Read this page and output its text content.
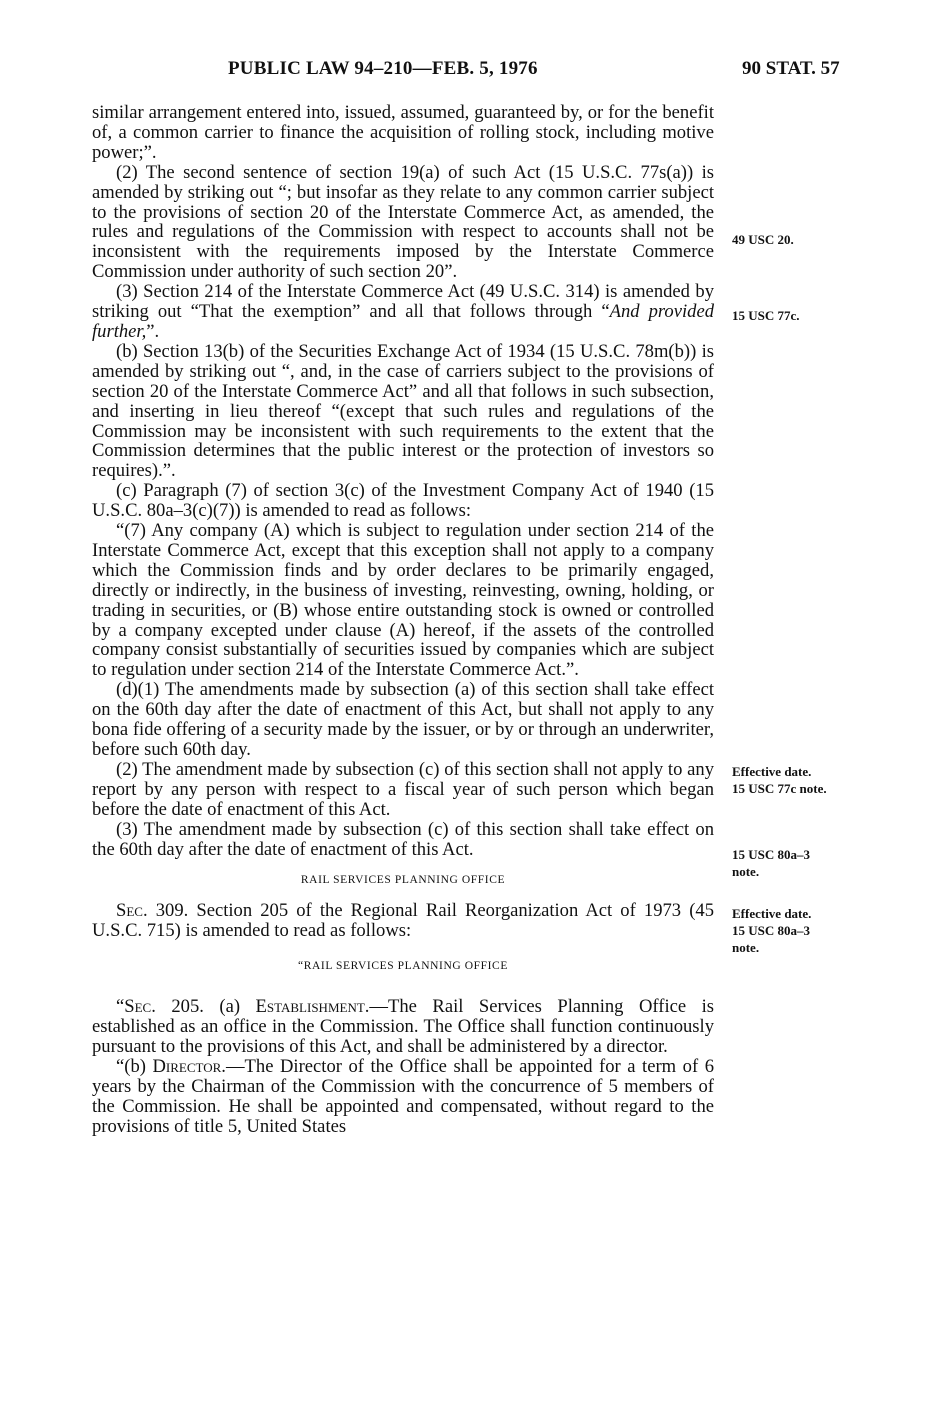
PUBLIC LAW 94–210—FEB. 5, 1976	90 STAT. 57

similar arrangement entered into, issued, assumed, guaranteed by, or for the benefit of, a common carrier to finance the acquisition of rolling stock, including motive power;”.

(2) The second sentence of section 19(a) of such Act (15 U.S.C. 77s(a)) is amended by striking out “; but insofar as they relate to any common carrier subject to the provisions of section 20 of the Interstate Commerce Act, as amended, the rules and regulations of the Commission with respect to accounts shall not be inconsistent with the requirements imposed by the Interstate Commerce Commission under authority of such section 20”.

(3) Section 214 of the Interstate Commerce Act (49 U.S.C. 314) is amended by striking out “That the exemption” and all that follows through “And provided further,”.

(b) Section 13(b) of the Securities Exchange Act of 1934 (15 U.S.C. 78m(b)) is amended by striking out “, and, in the case of carriers subject to the provisions of section 20 of the Interstate Commerce Act” and all that follows in such subsection, and inserting in lieu thereof “(except that such rules and regulations of the Commission may be inconsistent with such requirements to the extent that the Commission determines that the public interest or the protection of investors so requires).”.

(c) Paragraph (7) of section 3(c) of the Investment Company Act of 1940 (15 U.S.C. 80a–3(c)(7)) is amended to read as follows:

“(7) Any company (A) which is subject to regulation under section 214 of the Interstate Commerce Act, except that this exception shall not apply to a company which the Commission finds and by order declares to be primarily engaged, directly or indirectly, in the business of investing, reinvesting, owning, holding, or trading in securities, or (B) whose entire outstanding stock is owned or controlled by a company excepted under clause (A) hereof, if the assets of the controlled company consist substantially of securities issued by companies which are subject to regulation under section 214 of the Interstate Commerce Act.”.

(d)(1) The amendments made by subsection (a) of this section shall take effect on the 60th day after the date of enactment of this Act, but shall not apply to any bona fide offering of a security made by the issuer, or by or through an underwriter, before such 60th day.

(2) The amendment made by subsection (c) of this section shall not apply to any report by any person with respect to a fiscal year of such person which began before the date of enactment of this Act.

(3) The amendment made by subsection (c) of this section shall take effect on the 60th day after the date of enactment of this Act.

RAIL SERVICES PLANNING OFFICE

Sec. 309. Section 205 of the Regional Rail Reorganization Act of 1973 (45 U.S.C. 715) is amended to read as follows:

“RAIL SERVICES PLANNING OFFICE

“Sec. 205. (a) Establishment.—The Rail Services Planning Office is established as an office in the Commission. The Office shall function continuously pursuant to the provisions of this Act, and shall be administered by a director.

“(b) Director.—The Director of the Office shall be appointed for a term of 6 years by the Chairman of the Commission with the concurrence of 5 members of the Commission. He shall be appointed and compensated, without regard to the provisions of title 5, United States

49 USC 20.
15 USC 77c.
Effective date.
15 USC 77c note.
15 USC 80a–3
note.
Effective date.
15 USC 80a–3
note.
